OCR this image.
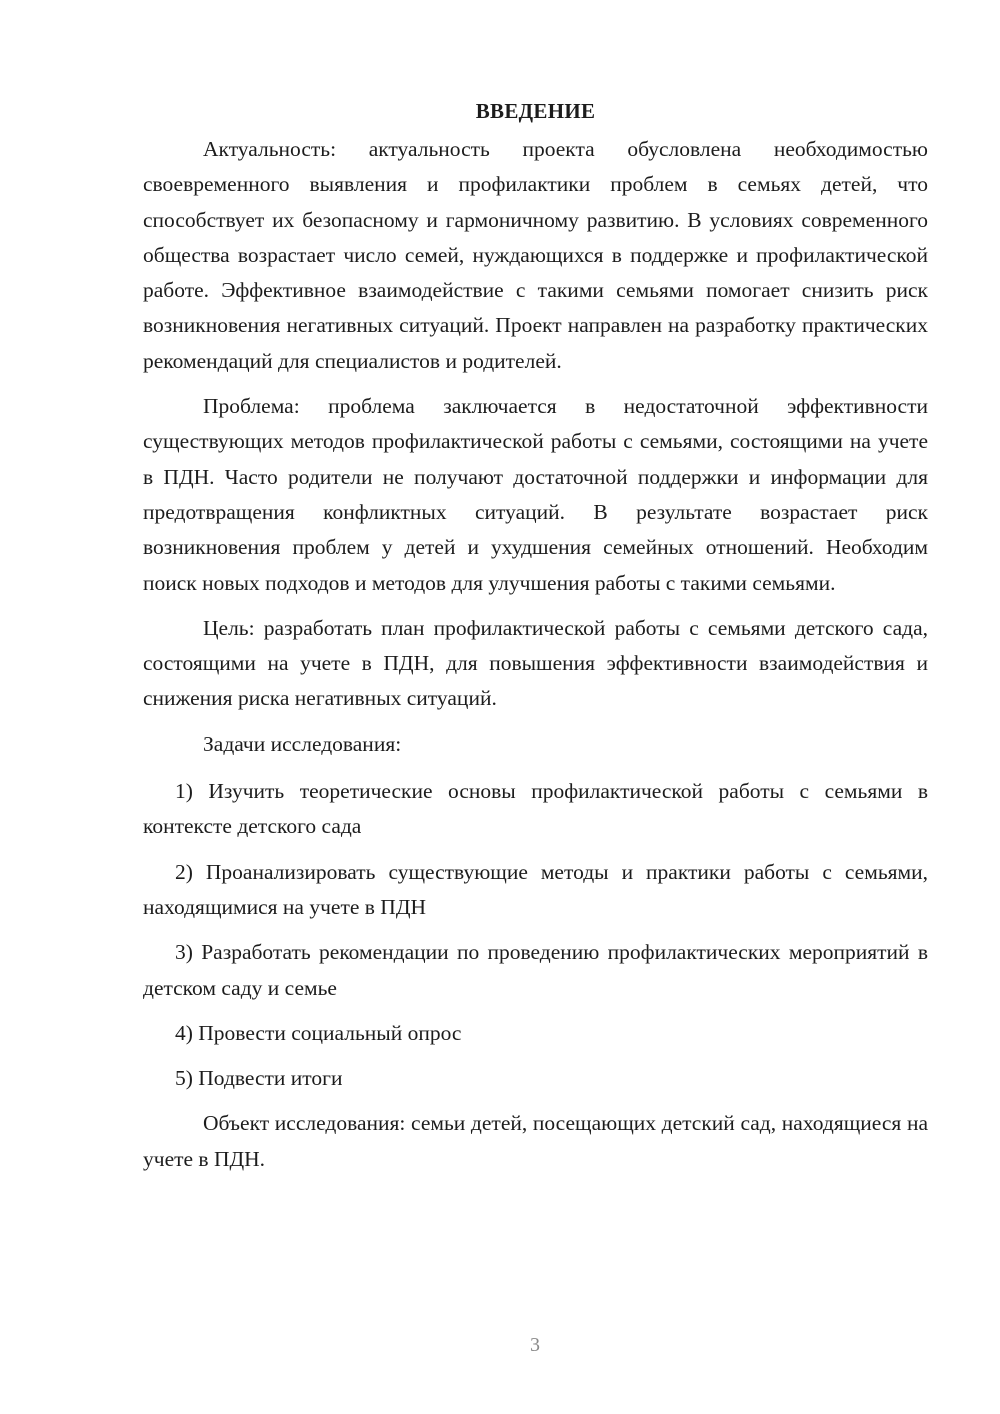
ВВЕДЕНИЕ

Актуальность: актуальность проекта обусловлена необходимостью своевременного выявления и профилактики проблем в семьях детей, что способствует их безопасному и гармоничному развитию. В условиях современного общества возрастает число семей, нуждающихся в поддержке и профилактической работе. Эффективное взаимодействие с такими семьями помогает снизить риск возникновения негативных ситуаций. Проект направлен на разработку практических рекомендаций для специалистов и родителей.

Проблема: проблема заключается в недостаточной эффективности существующих методов профилактической работы с семьями, состоящими на учете в ПДН. Часто родители не получают достаточной поддержки и информации для предотвращения конфликтных ситуаций. В результате возрастает риск возникновения проблем у детей и ухудшения семейных отношений. Необходим поиск новых подходов и методов для улучшения работы с такими семьями.

Цель: разработать план профилактической работы с семьями детского сада, состоящими на учете в ПДН, для повышения эффективности взаимодействия и снижения риска негативных ситуаций.

Задачи исследования:

1) Изучить теоретические основы профилактической работы с семьями в контексте детского сада

2) Проанализировать существующие методы и практики работы с семьями, находящимися на учете в ПДН

3) Разработать рекомендации по проведению профилактических мероприятий в детском саду и семье

4) Провести социальный опрос

5) Подвести итоги

Объект исследования: семьи детей, посещающих детский сад, находящиеся на учете в ПДН.

3
